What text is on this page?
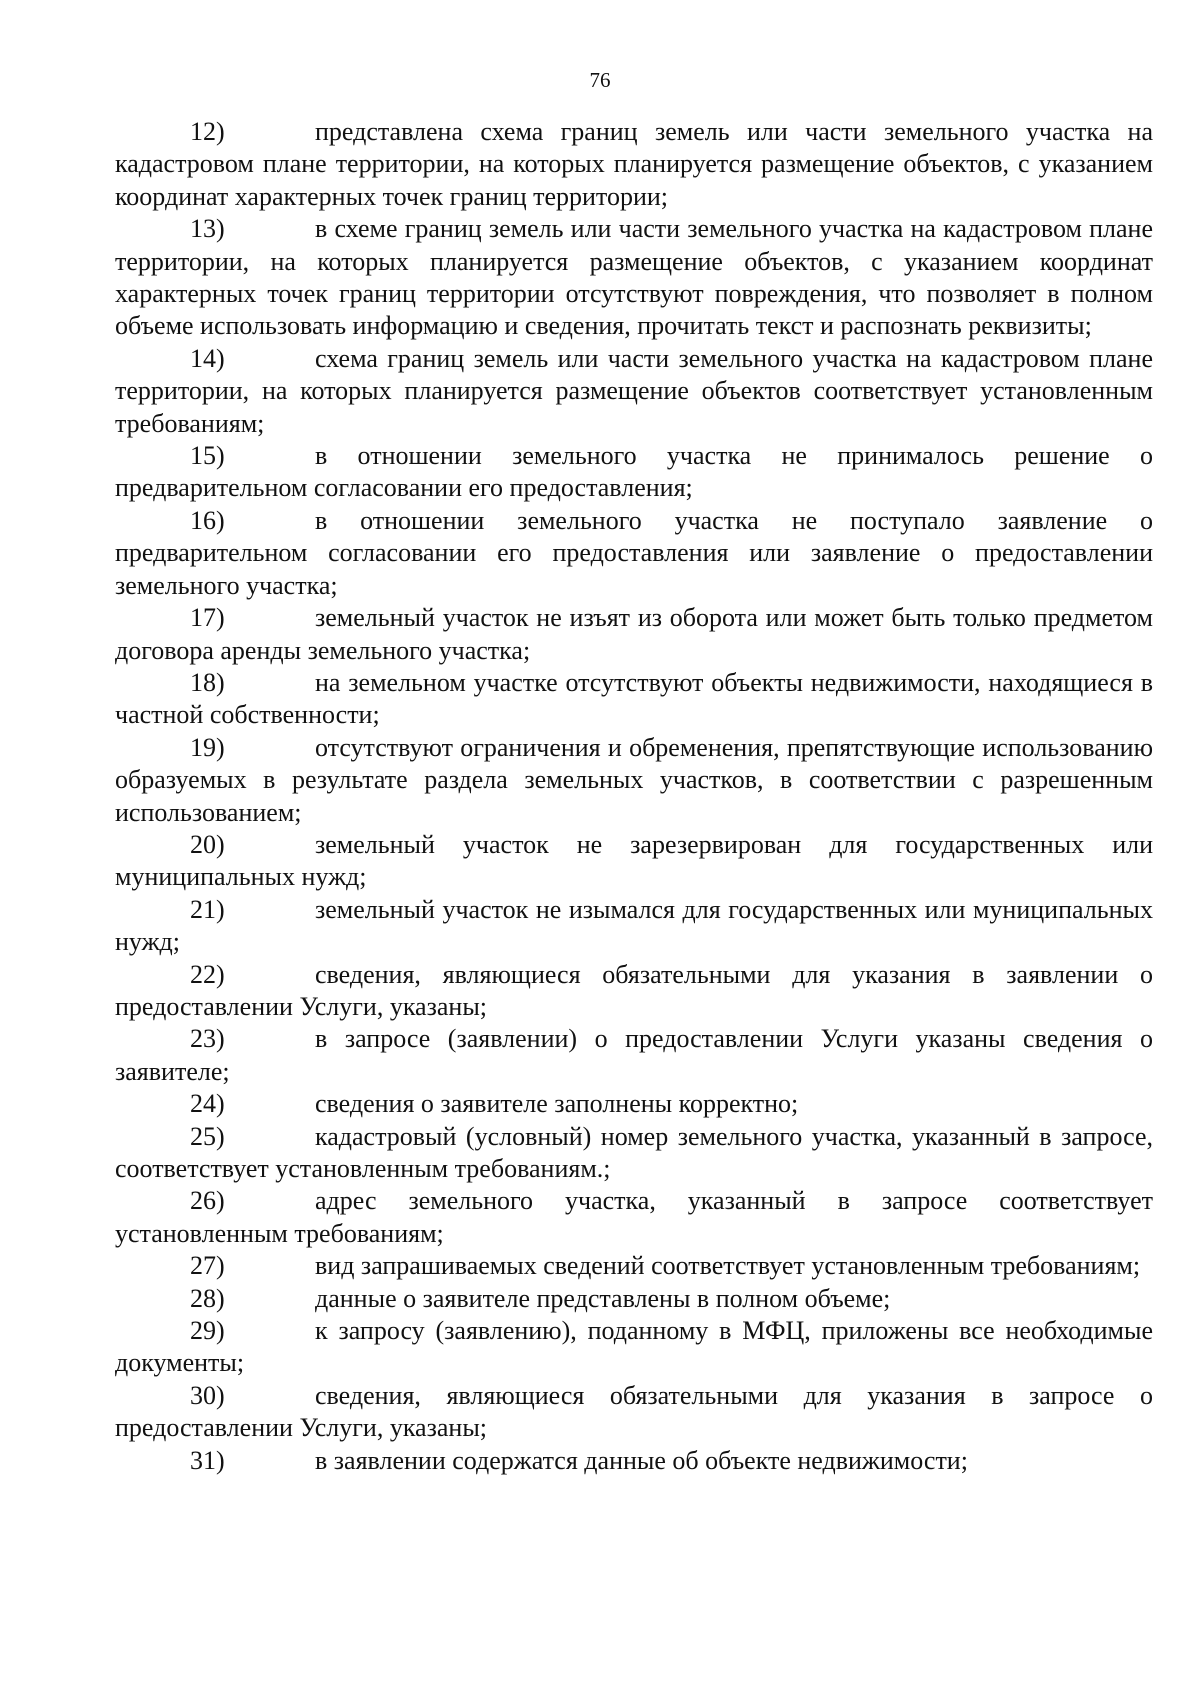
76

12)	представлена схема границ земель или части земельного участка на кадастровом плане территории, на которых планируется размещение объектов, с указанием координат характерных точек границ территории;

13)	в схеме границ земель или части земельного участка на кадастровом плане территории, на которых планируется размещение объектов, с указанием координат характерных точек границ территории отсутствуют повреждения, что позволяет в полном объеме использовать информацию и сведения, прочитать текст и распознать реквизиты;

14)	схема границ земель или части земельного участка на кадастровом плане территории, на которых планируется размещение объектов соответствует установленным требованиям;

15)	в отношении земельного участка не принималось решение о предварительном согласовании его предоставления;

16)	в отношении земельного участка не поступало заявление о предварительном согласовании его предоставления или заявление о предоставлении земельного участка;

17)	земельный участок не изъят из оборота или может быть только предметом договора аренды земельного участка;

18)	на земельном участке отсутствуют объекты недвижимости, находящиеся в частной собственности;

19)	отсутствуют ограничения и обременения, препятствующие использованию образуемых в результате раздела земельных участков, в соответствии с разрешенным использованием;

20)	земельный участок не зарезервирован для государственных или муниципальных нужд;

21)	земельный участок не изымался для государственных или муниципальных нужд;

22)	сведения, являющиеся обязательными для указания в заявлении о предоставлении Услуги, указаны;

23)	в запросе (заявлении) о предоставлении Услуги указаны сведения о заявителе;

24)	сведения о заявителе заполнены корректно;

25)	кадастровый (условный) номер земельного участка, указанный в запросе, соответствует установленным требованиям.;

26)	адрес земельного участка, указанный в запросе соответствует установленным требованиям;

27)	вид запрашиваемых сведений соответствует установленным требованиям;

28)	данные о заявителе представлены в полном объеме;

29)	к запросу (заявлению), поданному в МФЦ, приложены все необходимые документы;

30)	сведения, являющиеся обязательными для указания в запросе о предоставлении Услуги, указаны;

31)	в заявлении содержатся данные об объекте недвижимости;
